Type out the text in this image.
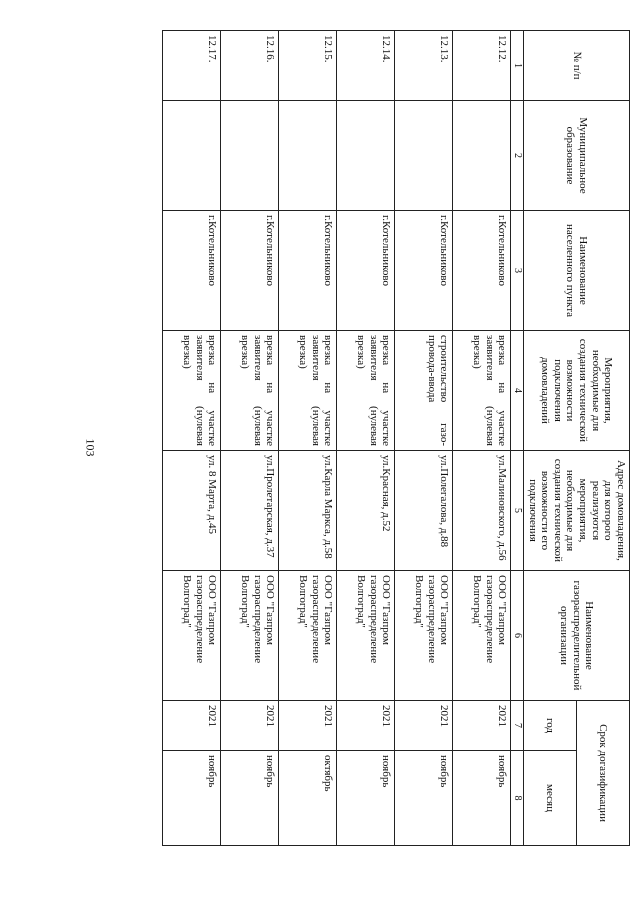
103
№ п/п	Муниципальное образование	Наименование населенного пункта	Мероприятия, необходимые для создания технической возможности подключения домовладений	Адрес домовладения, для которого реализуются мероприятия, необходимые для создания технической возможности его подключения	Наименование газораспределительной организации	Срок догазификации	
						год	месяц
1	2	3	4	5	6	7	8
12.12.		г.Котельниково	врезка на участке заявителя (нулевая врезка)	ул.Малиновского, д.56	ООО "Газпром газораспределение Волгоград"	2021	ноябрь
12.13.		г.Котельниково	строительство газо-провода-ввода	ул.Полегалова, д.88	ООО "Газпром газораспределение Волгоград"	2021	ноябрь
12.14.		г.Котельниково	врезка на участке заявителя (нулевая врезка)	ул.Красная, д.52	ООО "Газпром газораспределение Волгоград"	2021	ноябрь
12.15.		г.Котельниково	врезка на участке заявителя (нулевая врезка)	ул.Карла Маркса, д.58	ООО "Газпром газораспределение Волгоград"	2021	октябрь
12.16.		г.Котельниково	врезка на участке заявителя (нулевая врезка)	ул.Пролетарская, д.37	ООО "Газпром газораспределение Волгоград"	2021	ноябрь
12.17.		г.Котельниково	врезка на участке заявителя (нулевая врезка)	ул. 8 Марта, д.45	ООО "Газпром газораспределение Волгоград"	2021	ноябрь
